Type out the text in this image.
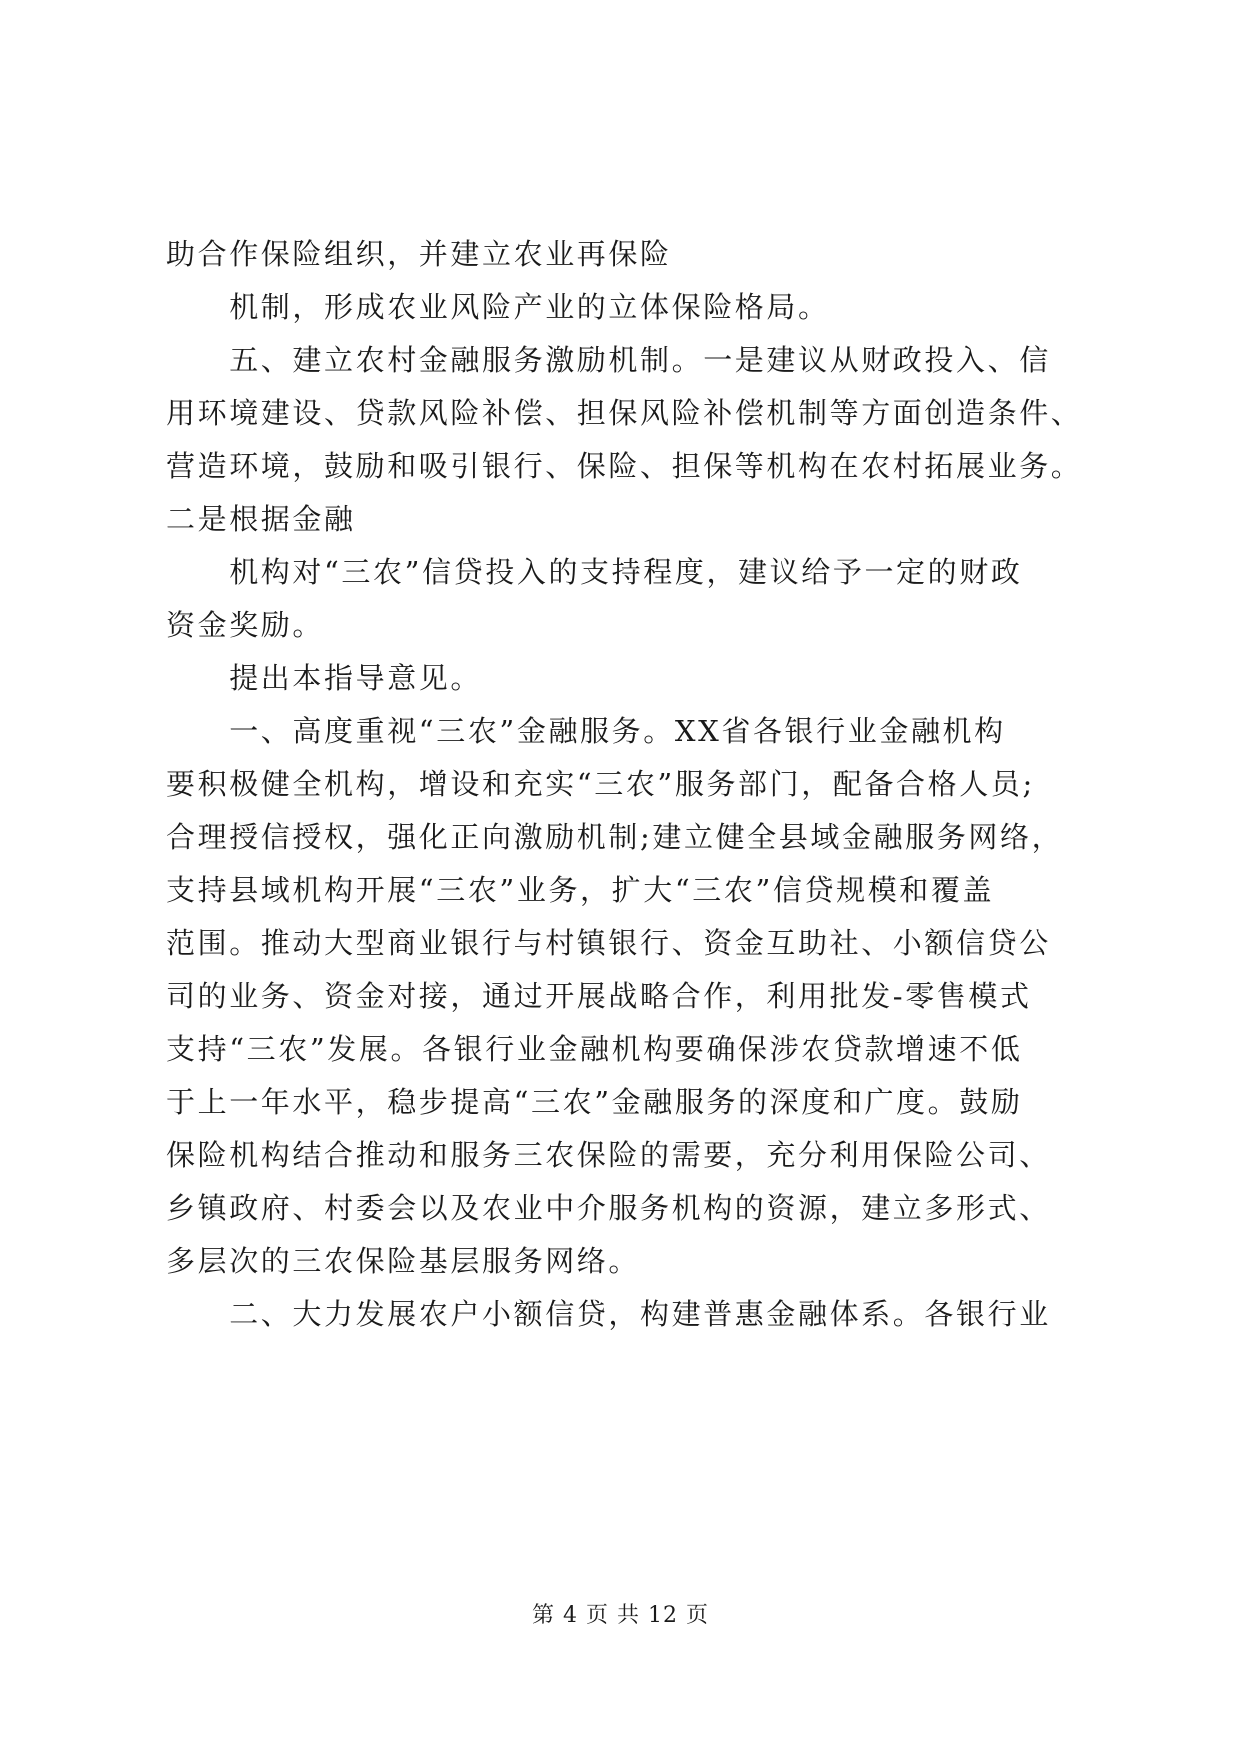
助合作保险组织，并建立农业再保险
　　机制，形成农业风险产业的立体保险格局。
　　五、建立农村金融服务激励机制。一是建议从财政投入、信
用环境建设、贷款风险补偿、担保风险补偿机制等方面创造条件、
营造环境，鼓励和吸引银行、保险、担保等机构在农村拓展业务。
二是根据金融
　　机构对“三农”信贷投入的支持程度，建议给予一定的财政
资金奖励。
　　提出本指导意见。
　　一、高度重视“三农”金融服务。XX省各银行业金融机构
要积极健全机构，增设和充实“三农”服务部门，配备合格人员;
合理授信授权，强化正向激励机制;建立健全县域金融服务网络，
支持县域机构开展“三农”业务，扩大“三农”信贷规模和覆盖
范围。推动大型商业银行与村镇银行、资金互助社、小额信贷公
司的业务、资金对接，通过开展战略合作，利用批发-零售模式
支持“三农”发展。各银行业金融机构要确保涉农贷款增速不低
于上一年水平，稳步提高“三农”金融服务的深度和广度。鼓励
保险机构结合推动和服务三农保险的需要，充分利用保险公司、
乡镇政府、村委会以及农业中介服务机构的资源，建立多形式、
多层次的三农保险基层服务网络。
　　二、大力发展农户小额信贷，构建普惠金融体系。各银行业
第 4 页 共 12 页
